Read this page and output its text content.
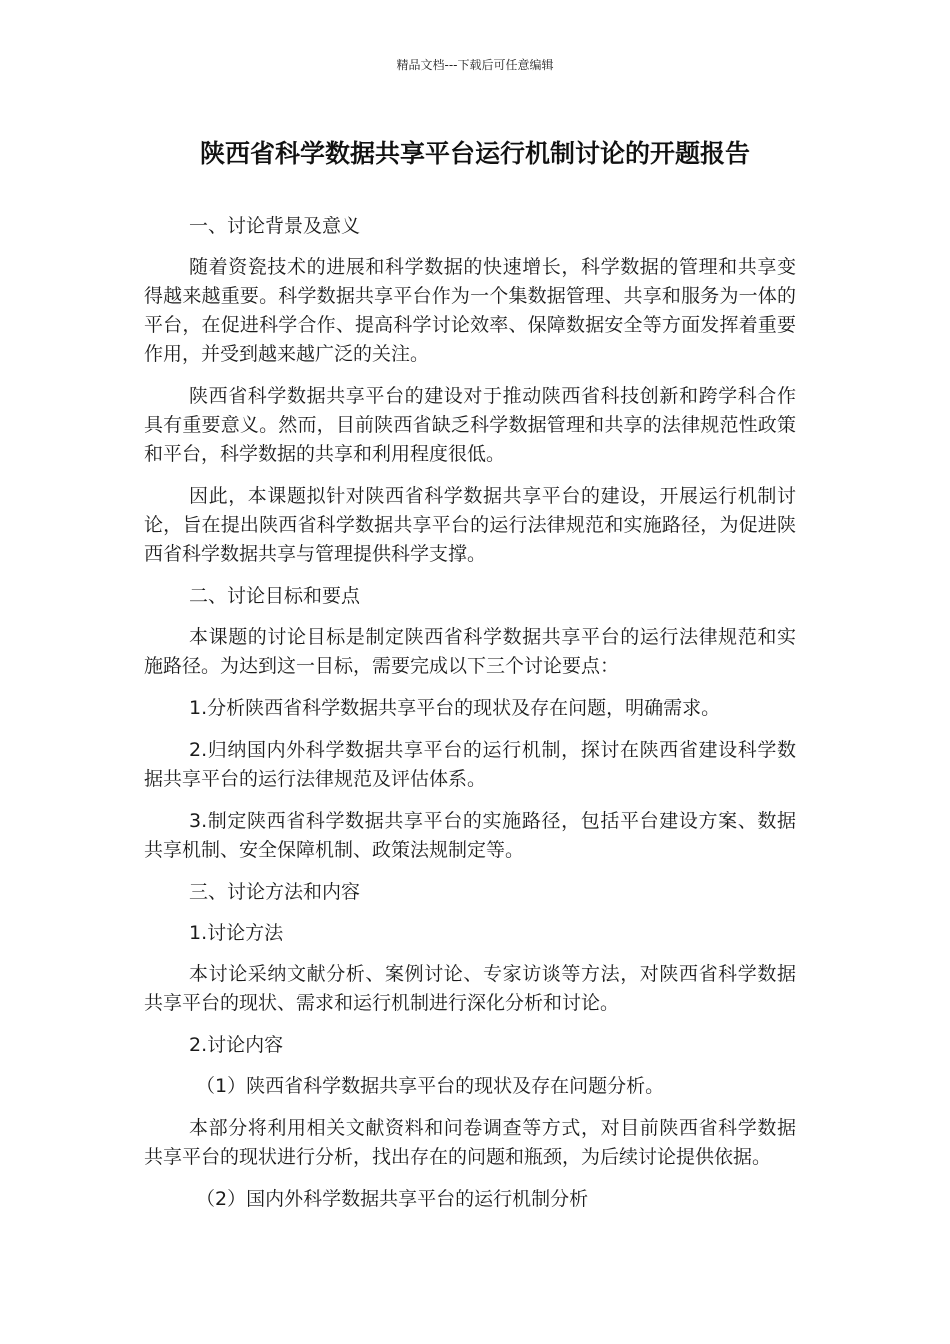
精品文档---下载后可任意编辑
陕西省科学数据共享平台运行机制讨论的开题报告

一、讨论背景及意义

随着资瓷技术的进展和科学数据的快速增长，科学数据的管理和共享变得越来越重要。科学数据共享平台作为一个集数据管理、共享和服务为一体的平台，在促进科学合作、提高科学讨论效率、保障数据安全等方面发挥着重要作用，并受到越来越广泛的关注。

陕西省科学数据共享平台的建设对于推动陕西省科技创新和跨学科合作具有重要意义。然而，目前陕西省缺乏科学数据管理和共享的法律规范性政策和平台，科学数据的共享和利用程度很低。

因此，本课题拟针对陕西省科学数据共享平台的建设，开展运行机制讨论，旨在提出陕西省科学数据共享平台的运行法律规范和实施路径，为促进陕西省科学数据共享与管理提供科学支撑。

二、讨论目标和要点

本课题的讨论目标是制定陕西省科学数据共享平台的运行法律规范和实施路径。为达到这一目标，需要完成以下三个讨论要点：

1.分析陕西省科学数据共享平台的现状及存在问题，明确需求。

2.归纳国内外科学数据共享平台的运行机制，探讨在陕西省建设科学数据共享平台的运行法律规范及评估体系。

3.制定陕西省科学数据共享平台的实施路径，包括平台建设方案、数据共享机制、安全保障机制、政策法规制定等。

三、讨论方法和内容

1.讨论方法

本讨论采纳文献分析、案例讨论、专家访谈等方法，对陕西省科学数据共享平台的现状、需求和运行机制进行深化分析和讨论。

2.讨论内容

（1）陕西省科学数据共享平台的现状及存在问题分析。

本部分将利用相关文献资料和问卷调查等方式，对目前陕西省科学数据共享平台的现状进行分析，找出存在的问题和瓶颈，为后续讨论提供依据。

（2）国内外科学数据共享平台的运行机制分析
